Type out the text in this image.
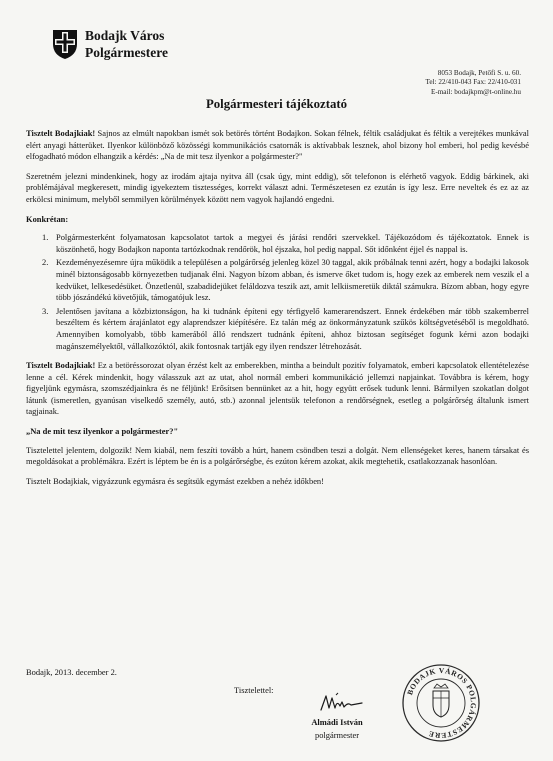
Bodajk Város
Polgármestere
8053 Bodajk, Petőfi S. u. 60.
Tel: 22/410-043 Fax: 22/410-031
E-mail: bodajkpm@t-online.hu
Polgármesteri tájékoztató

Tisztelt Bodajkiak! Sajnos az elmúlt napokban ismét sok betörés történt Bodajkon. Sokan félnek, féltik családjukat és féltik a verejtékes munkával elért anyagi hátterüket. Ilyenkor különböző közösségi kommunikációs csatornák is aktívabbak lesznek, ahol bizony hol emberi, hol pedig kevésbé elfogadható módon elhangzik a kérdés: „Na de mit tesz ilyenkor a polgármester?"

Szeretném jelezni mindenkinek, hogy az irodám ajtaja nyitva áll (csak úgy, mint eddig), sőt telefonon is elérhető vagyok. Eddig bárkinek, aki problémájával megkeresett, mindig igyekeztem tisztességes, korrekt választ adni. Természetesen ez ezután is így lesz. Erre neveltek és ez az az erkölcsi minimum, melyből semmilyen körülmények között nem vagyok hajlandó engedni.

Konkrétan:
1. Polgármesterként folyamatosan kapcsolatot tartok a megyei és járási rendőri szervekkel. Tájékozódom és tájékoztatok. Ennek is köszönhető, hogy Bodajkon naponta tartózkodnak rendőrök, hol éjszaka, hol pedig nappal. Sőt időnként éjjel és nappal is.
2. Kezdeményezésemre újra működik a településen a polgárőrség jelenleg közel 30 taggal, akik próbálnak tenni azért, hogy a bodajki lakosok minél biztonságosabb környezetben tudjanak élni. Nagyon bízom abban, és ismerve őket tudom is, hogy ezek az emberek nem veszik el a kedvüket, lelkesedésüket. Önzetlenül, szabadidejüket feláldozva teszik azt, amit lelkiismeretük diktál számukra. Bízom abban, hogy egyre több jószándékú követőjük, támogatójuk lesz.
3. Jelentősen javítana a közbiztonságon, ha ki tudnánk építeni egy térfigyelő kamerarendszert. Ennek érdekében már több szakemberrel beszéltem és kértem árajánlatot egy alaprendszer kiépítésére. Ez talán még az önkormányzatunk szűkös költségvetéséből is megoldható. Amennyiben komolyabb, több kamerából álló rendszert tudnánk építeni, ahhoz biztosan segítséget fogunk kérni azon bodajki magánszemélyektől, vállalkozóktól, akik fontosnak tartják egy ilyen rendszer létrehozását.

Tisztelt Bodajkiak! Ez a betöréssorozat olyan érzést kelt az emberekben, mintha a beindult pozitív folyamatok, emberi kapcsolatok ellentételezése lenne a cél. Kérek mindenkit, hogy válasszuk azt az utat, ahol normál emberi kommunikáció jellemzi napjainkat. Továbbra is kérem, hogy figyeljünk egymásra, szomszédjainkra és ne féljünk! Erősítsen bennünket az a hit, hogy együtt erősek tudunk lenni. Bármilyen szokatlan dolgot látunk (ismeretlen, gyanúsan viselkedő személy, autó, stb.) azonnal jelentsük telefonon a rendőrségnek, esetleg a polgárőrség általunk ismert tagjainak.

„Na de mit tesz ilyenkor a polgármester?"

Tisztelettel jelentem, dolgozik! Nem kiabál, nem feszíti tovább a húrt, hanem csöndben teszi a dolgát. Nem ellenségeket keres, hanem társakat és megoldásokat a problémákra. Ezért is léptem be én is a polgárőrségbe, és ezúton kérem azokat, akik megtehetik, csatlakozzanak hasonlóan.

Tisztelt Bodajkiak, vigyázzunk egymásra és segítsük egymást ezekben a nehéz időkben!

Bodajk, 2013. december 2.
Tisztelettel:
Almádi István
polgármester
BODAJK VÁROS POLGÁRMESTERE
